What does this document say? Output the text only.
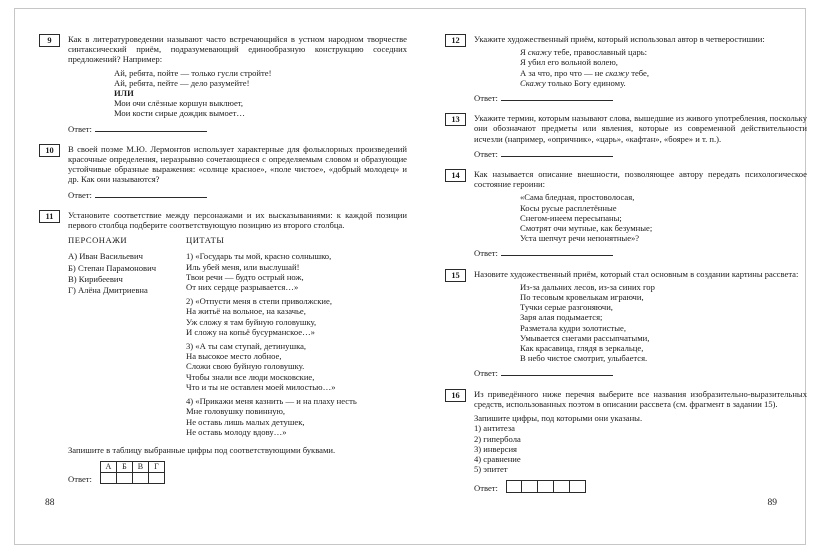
9	Как в литературоведении называют часто встречающийся в устном народном творчестве синтаксический приём, подразумевающий единообразную конструкцию соседних предложений? Например:

Ай, ребята, пойте — только гусли стройте!
Ай, ребята, пейте — дело разумейте!
ИЛИ
Мои очи слёзные коршун выклюет,
Мои кости сирые дождик вымоет…
Ответ:
10	В своей поэме М.Ю. Лермонтов использует характерные для фольклорных произведений красочные определения, неразрывно сочетающиеся с определяемым словом и образующие устойчивые образные выражения: «солнце красное», «поле чистое», «добрый молодец» и др. Как они называются?

Ответ:
11	Установите соответствие между персонажами и их высказываниями: к каждой позиции первого столбца подберите соответствующую позицию из второго столбца.

ПЕРСОНАЖИ
А) Иван Васильевич
Б) Степан Парамонович
В) Кирибеевич
Г) Алёна Дмитриевна
ЦИТАТЫ
1) «Государь ты мой, красно солнышко,
Иль убей меня, или выслушай!
Твои речи — будто острый нож,
От них сердце разрывается…»
2) «Отпусти меня в степи приволжские,
На житьё на вольное, на казачье,
Уж сложу я там буйную головушку,
И сложу на копьё бусурманское…»
3) «А ты сам ступай, детинушка,
На высокое место лобное,
Сложи свою буйную головушку.
Чтобы знали все люди московские,
Что и ты не оставлен моей милостью…»
4) «Прикажи меня казнить — и на плаху несть
Мне головушку повинную,
Не оставь лишь малых детушек,
Не оставь молоду вдову…»

Запишите в таблицу выбранные цифры под соответствующими буквами.

Ответ:
А	Б	В	Г

12	Укажите художественный приём, который использовал автор в четверостишии:

Я скажу тебе, православный царь:
Я убил его вольной волею,
А за что, про что — не скажу тебе,
Скажу только Богу единому.
Ответ:
13	Укажите термин, которым называют слова, вышедшие из живого употребления, поскольку они обозначают предметы или явления, которые из современной действительности исчезли (например, «опричник», «царь», «кафтан», «бояре» и т. п.).

Ответ:
14	Как называется описание внешности, позволяющее автору передать психологическое состояние героини:

«Сама бледная, простоволосая,
Косы русые расплетённые
Снегом-инеем пересыпаны;
Смотрят очи мутные, как безумные;
Уста шепчут речи непонятные»?
Ответ:
15	Назовите художественный приём, который стал основным в создании картины рассвета:

Из-за дальних лесов, из-за синих гор
По тесовым кровелькам играючи,
Тучки серые разгоняючи,
Заря алая подымается;
Разметала кудри золотистые,
Умывается снегами рассыпчатыми,
Как красавица, глядя в зеркальце,
В небо чистое смотрит, улыбается.
Ответ:
16	Из приведённого ниже перечня выберите все названия изобразительно-выразительных средств, использованных поэтом в описании рассвета (см. фрагмент в задании 15).

Запишите цифры, под которыми они указаны.

1) антитеза
2) гипербола
3) инверсия
4) сравнение
5) эпитет
Ответ:
88	89
